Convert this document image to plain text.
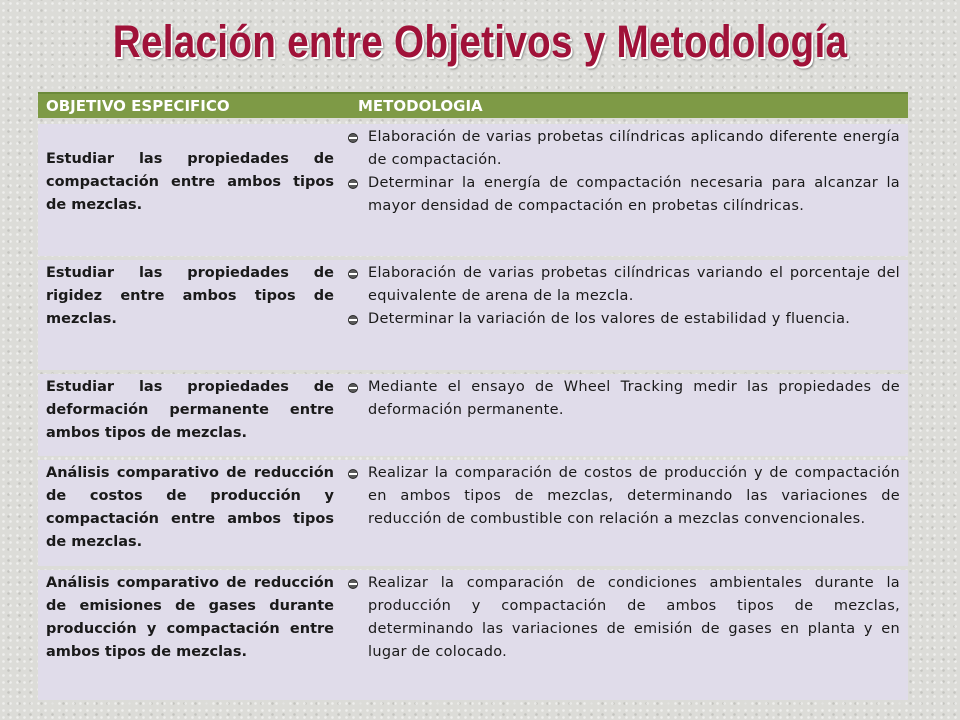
Relación entre Objetivos y Metodología
OBJETIVO ESPECIFICO	METODOLOGIA
Estudiar las propiedades de compactación entre ambos tipos de mezclas.
Elaboración de varias probetas cilíndricas aplicando diferente energía de compactación.
Determinar la energía de compactación necesaria para alcanzar la mayor densidad de compactación en probetas cilíndricas.
Estudiar las propiedades de rigidez entre ambos tipos de mezclas.
Elaboración de varias probetas cilíndricas variando el porcentaje del equivalente de arena de la mezcla.
Determinar la variación de los valores de estabilidad y fluencia.
Estudiar las propiedades de deformación permanente entre ambos tipos de mezclas.
Mediante el ensayo de Wheel Tracking medir las propiedades de deformación permanente.
Análisis comparativo de reducción de costos de producción y compactación entre ambos tipos de mezclas.
Realizar la comparación de costos de producción y de compactación en ambos tipos de mezclas, determinando las variaciones de reducción de combustible con relación a mezclas convencionales.
Análisis comparativo de reducción de emisiones de gases durante producción y compactación entre ambos tipos de mezclas.
Realizar la comparación de condiciones ambientales durante la producción y compactación de ambos tipos de mezclas, determinando las variaciones de emisión de gases en planta y en lugar de colocado.
